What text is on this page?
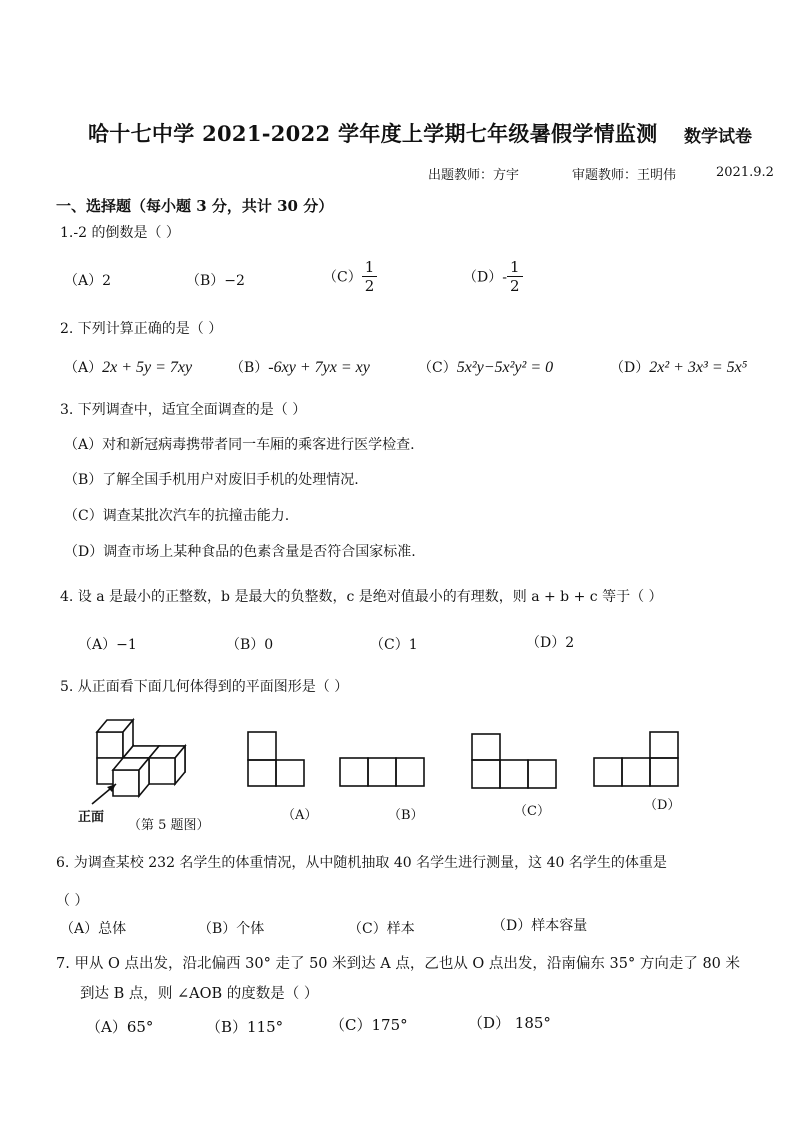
哈十七中学 2021-2022 学年度上学期七年级暑假学情监测 数学试卷
出题教师：方宇	审题教师：王明伟	2021.9.2
一、选择题（每小题 3 分，共计 30 分）
1.-2 的倒数是（ ）
（A）2	（B）−2	$(C) \frac{1}{2}$	$(D)- \frac{1}{2}$
2. 下列计算正确的是（ ）
（A）2x + 5y = 7xy	（B）-6xy + 7yx = xy	（C）5x²y−5x²y² = 0	（D）2x² + 3x³ = 5x⁵
3. 下列调查中，适宜全面调查的是（ ）
（A）对和新冠病毒携带者同一车厢的乘客进行医学检查.
（B）了解全国手机用户对废旧手机的处理情况.
（C）调查某批次汽车的抗撞击能力.
（D）调查市场上某种食品的色素含量是否符合国家标准.
4. 设 a 是最小的正整数，b 是最大的负整数，c 是绝对值最小的有理数，则 a + b + c 等于（ ）
（A）−1	（B）0	（C）1	（D）2
5. 从正面看下面几何体得到的平面图形是（ ）
正面
（第 5 题图）
（A）	（B）	（C）	（D）
6. 为调查某校 232 名学生的体重情况，从中随机抽取 40 名学生进行测量，这 40 名学生的体重是
（ ）
（A）总体	（B）个体	（C）样本	（D）样本容量
7. 甲从 O 点出发，沿北偏西 30° 走了 50 米到达 A 点，乙也从 O 点出发，沿南偏东 35° 方向走了 80 米
到达 B 点，则 ∠AOB 的度数是（ ）
（A）65°	（B）115°	（C）175°	（D） 185°
